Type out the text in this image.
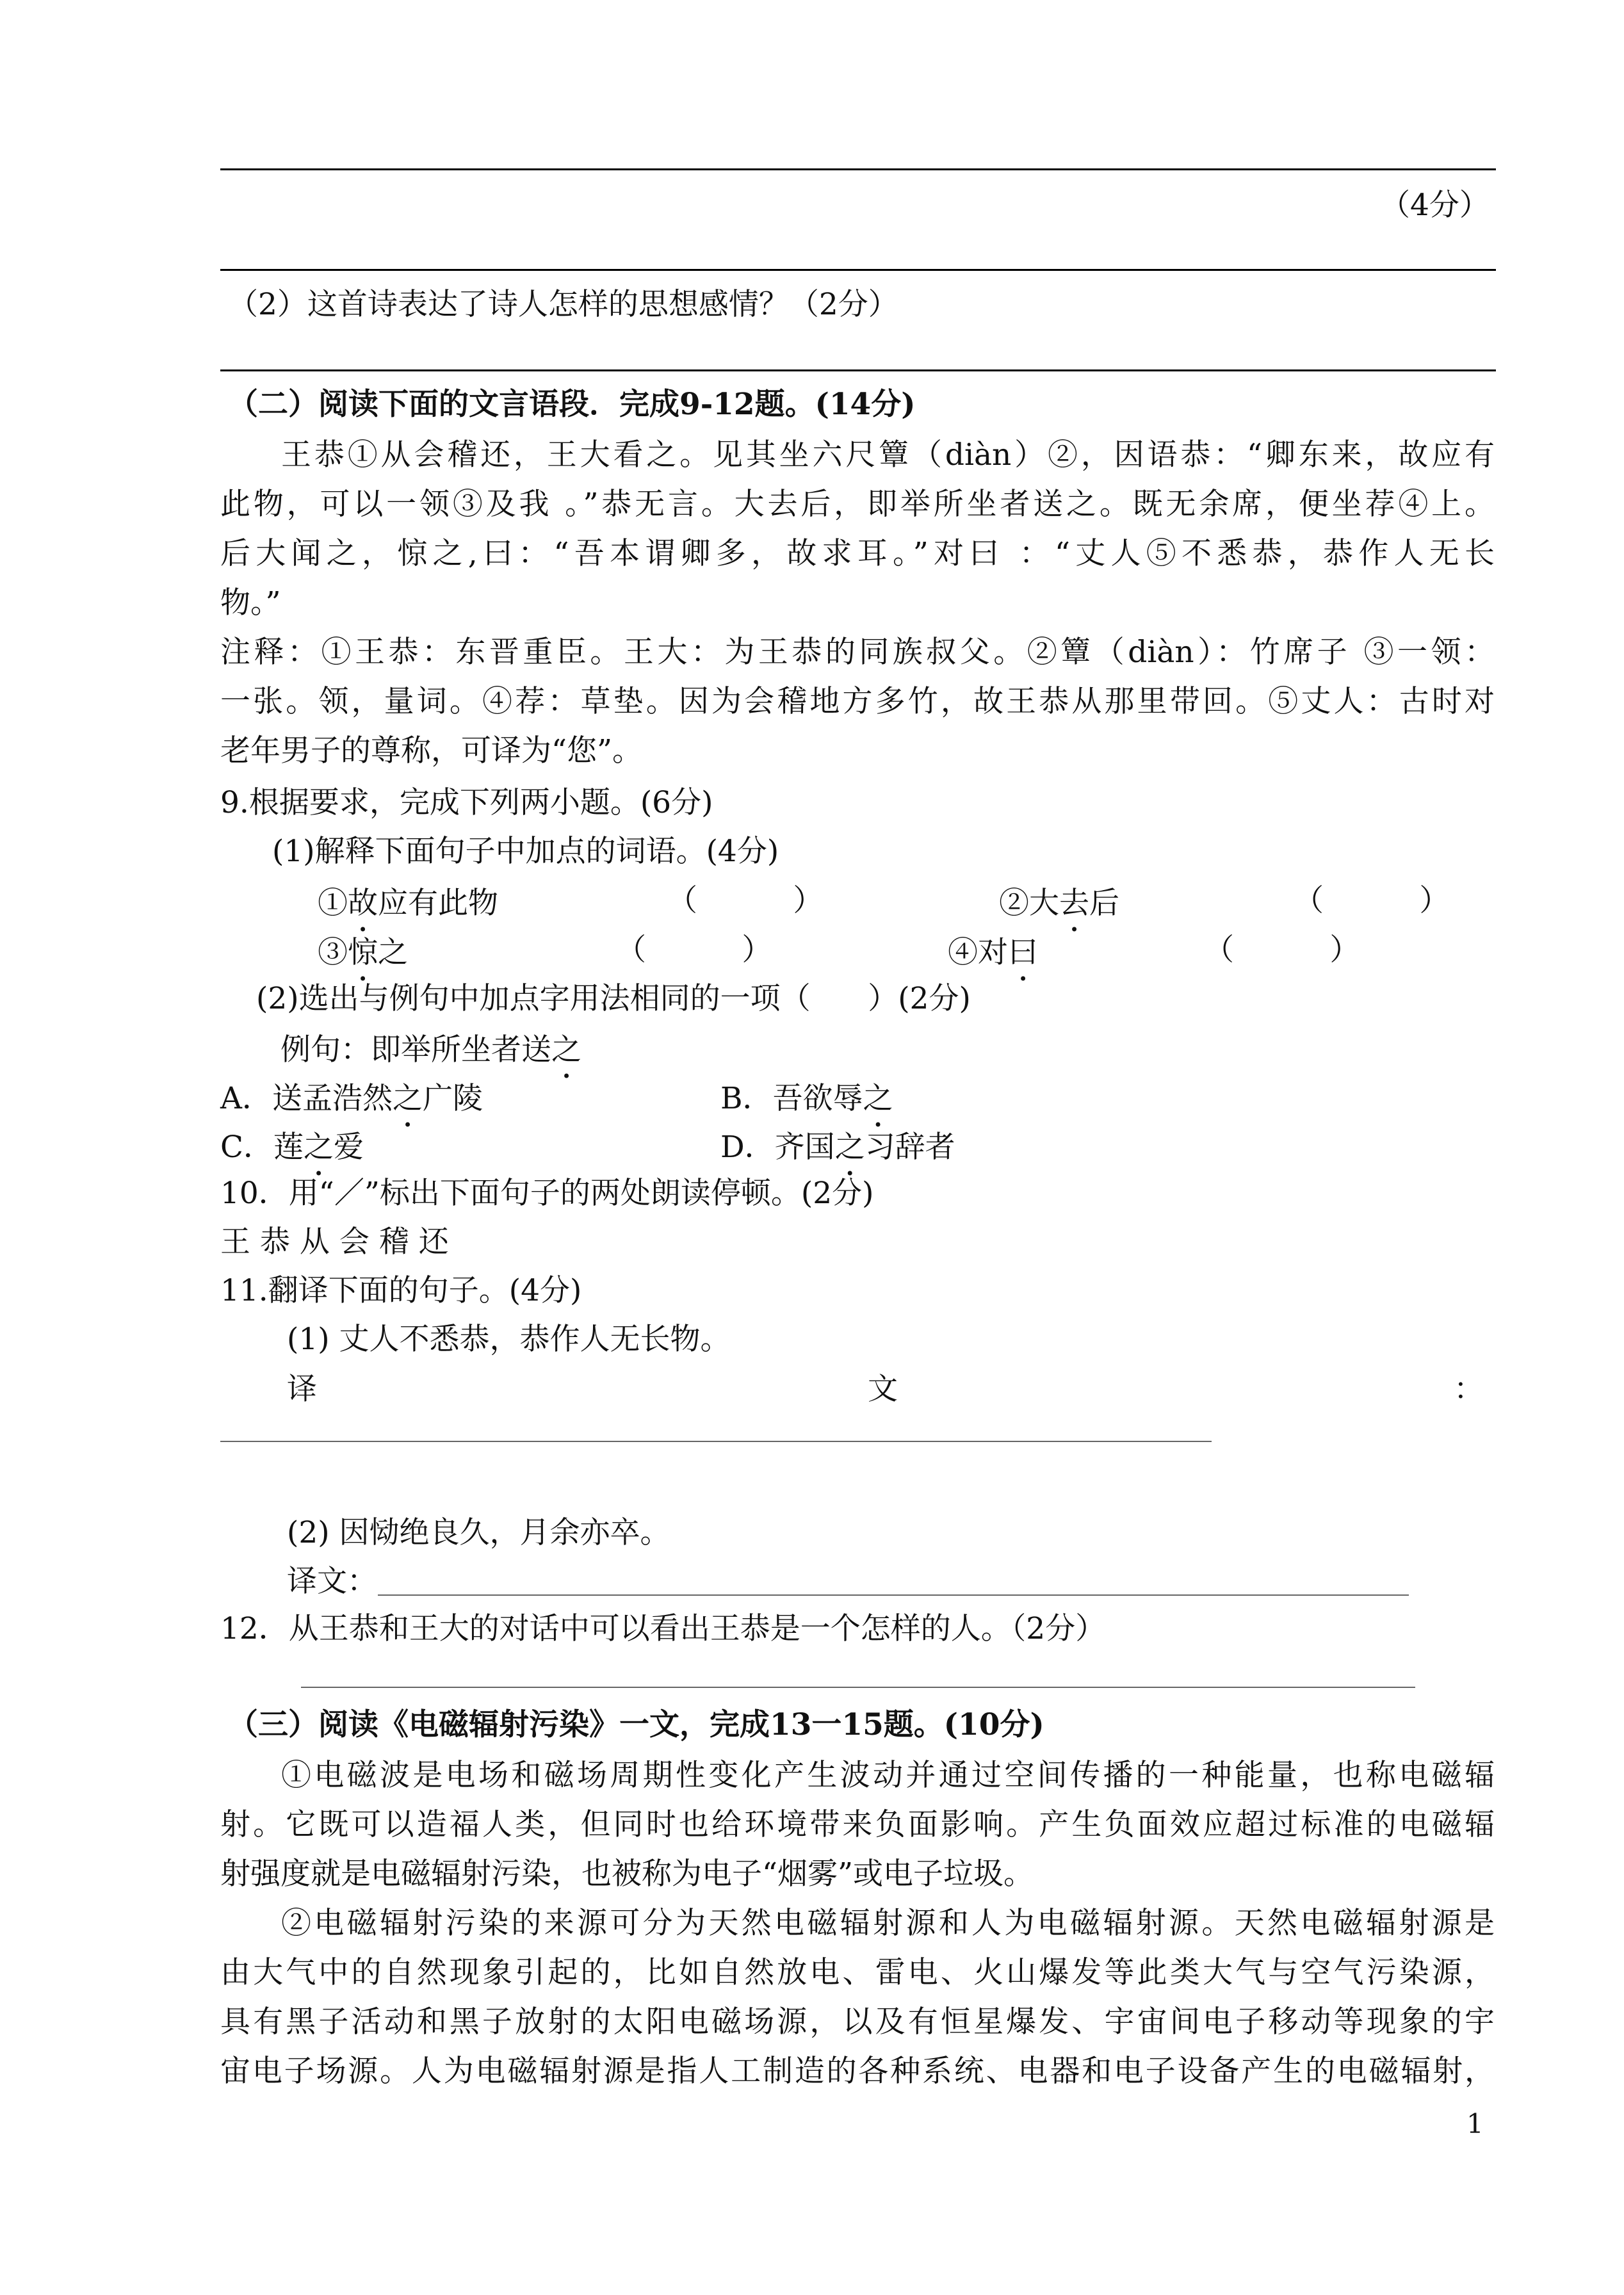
（4分）
（2）这首诗表达了诗人怎样的思想感情？（2分）
（二）阅读下面的文言语段．完成9-12题。(14分)
王恭①从会稽还，王大看之。见其坐六尺簟（diàn）②，因语恭：“卿东来，故应有
此物，可以一领③及我 。”恭无言。大去后，即举所坐者送之。既无余席，便坐荐④上。
后大闻之，惊之,曰：“吾本谓卿多，故求耳。”对曰 ：“丈人⑤不悉恭，恭作人无长
物。”
注释：①王恭：东晋重臣。王大：为王恭的同族叔父。②簟（diàn）：竹席子 ③一领：
一张。领，量词。④荐：草垫。因为会稽地方多竹，故王恭从那里带回。⑤丈人：古时对
老年男子的尊称，可译为“您”。
9.根据要求，完成下列两小题。(6分)
(1)解释下面句子中加点的词语。(4分)
①故应有此物	（          ）	②大去后	（          ）
③惊之	（          ）	④对曰	（          ）
(2)选出与例句中加点字用法相同的一项（      ）(2分)
例句：即举所坐者送之
A．送孟浩然之广陵	B．吾欲辱之
C．莲之爱	D．齐国之习辞者
10．用“／”标出下面句子的两处朗读停顿。(2分)
王 恭 从 会 稽 还
11.翻译下面的句子。(4分)
(1) 丈人不悉恭，恭作人无长物。
译	文	：
(2) 因恸绝良久，月余亦卒。
译文：
12．从王恭和王大的对话中可以看出王恭是一个怎样的人。（2分）
（三）阅读《电磁辐射污染》一文，完成13一15题。(10分)
①电磁波是电场和磁场周期性变化产生波动并通过空间传播的一种能量，也称电磁辐
射。它既可以造福人类，但同时也给环境带来负面影响。产生负面效应超过标准的电磁辐
射强度就是电磁辐射污染，也被称为电子“烟雾”或电子垃圾。
②电磁辐射污染的来源可分为天然电磁辐射源和人为电磁辐射源。天然电磁辐射源是
由大气中的自然现象引起的，比如自然放电、雷电、火山爆发等此类大气与空气污染源，
具有黑子活动和黑子放射的太阳电磁场源，以及有恒星爆发、宇宙间电子移动等现象的宇
宙电子场源。人为电磁辐射源是指人工制造的各种系统、电器和电子设备产生的电磁辐射，
1
